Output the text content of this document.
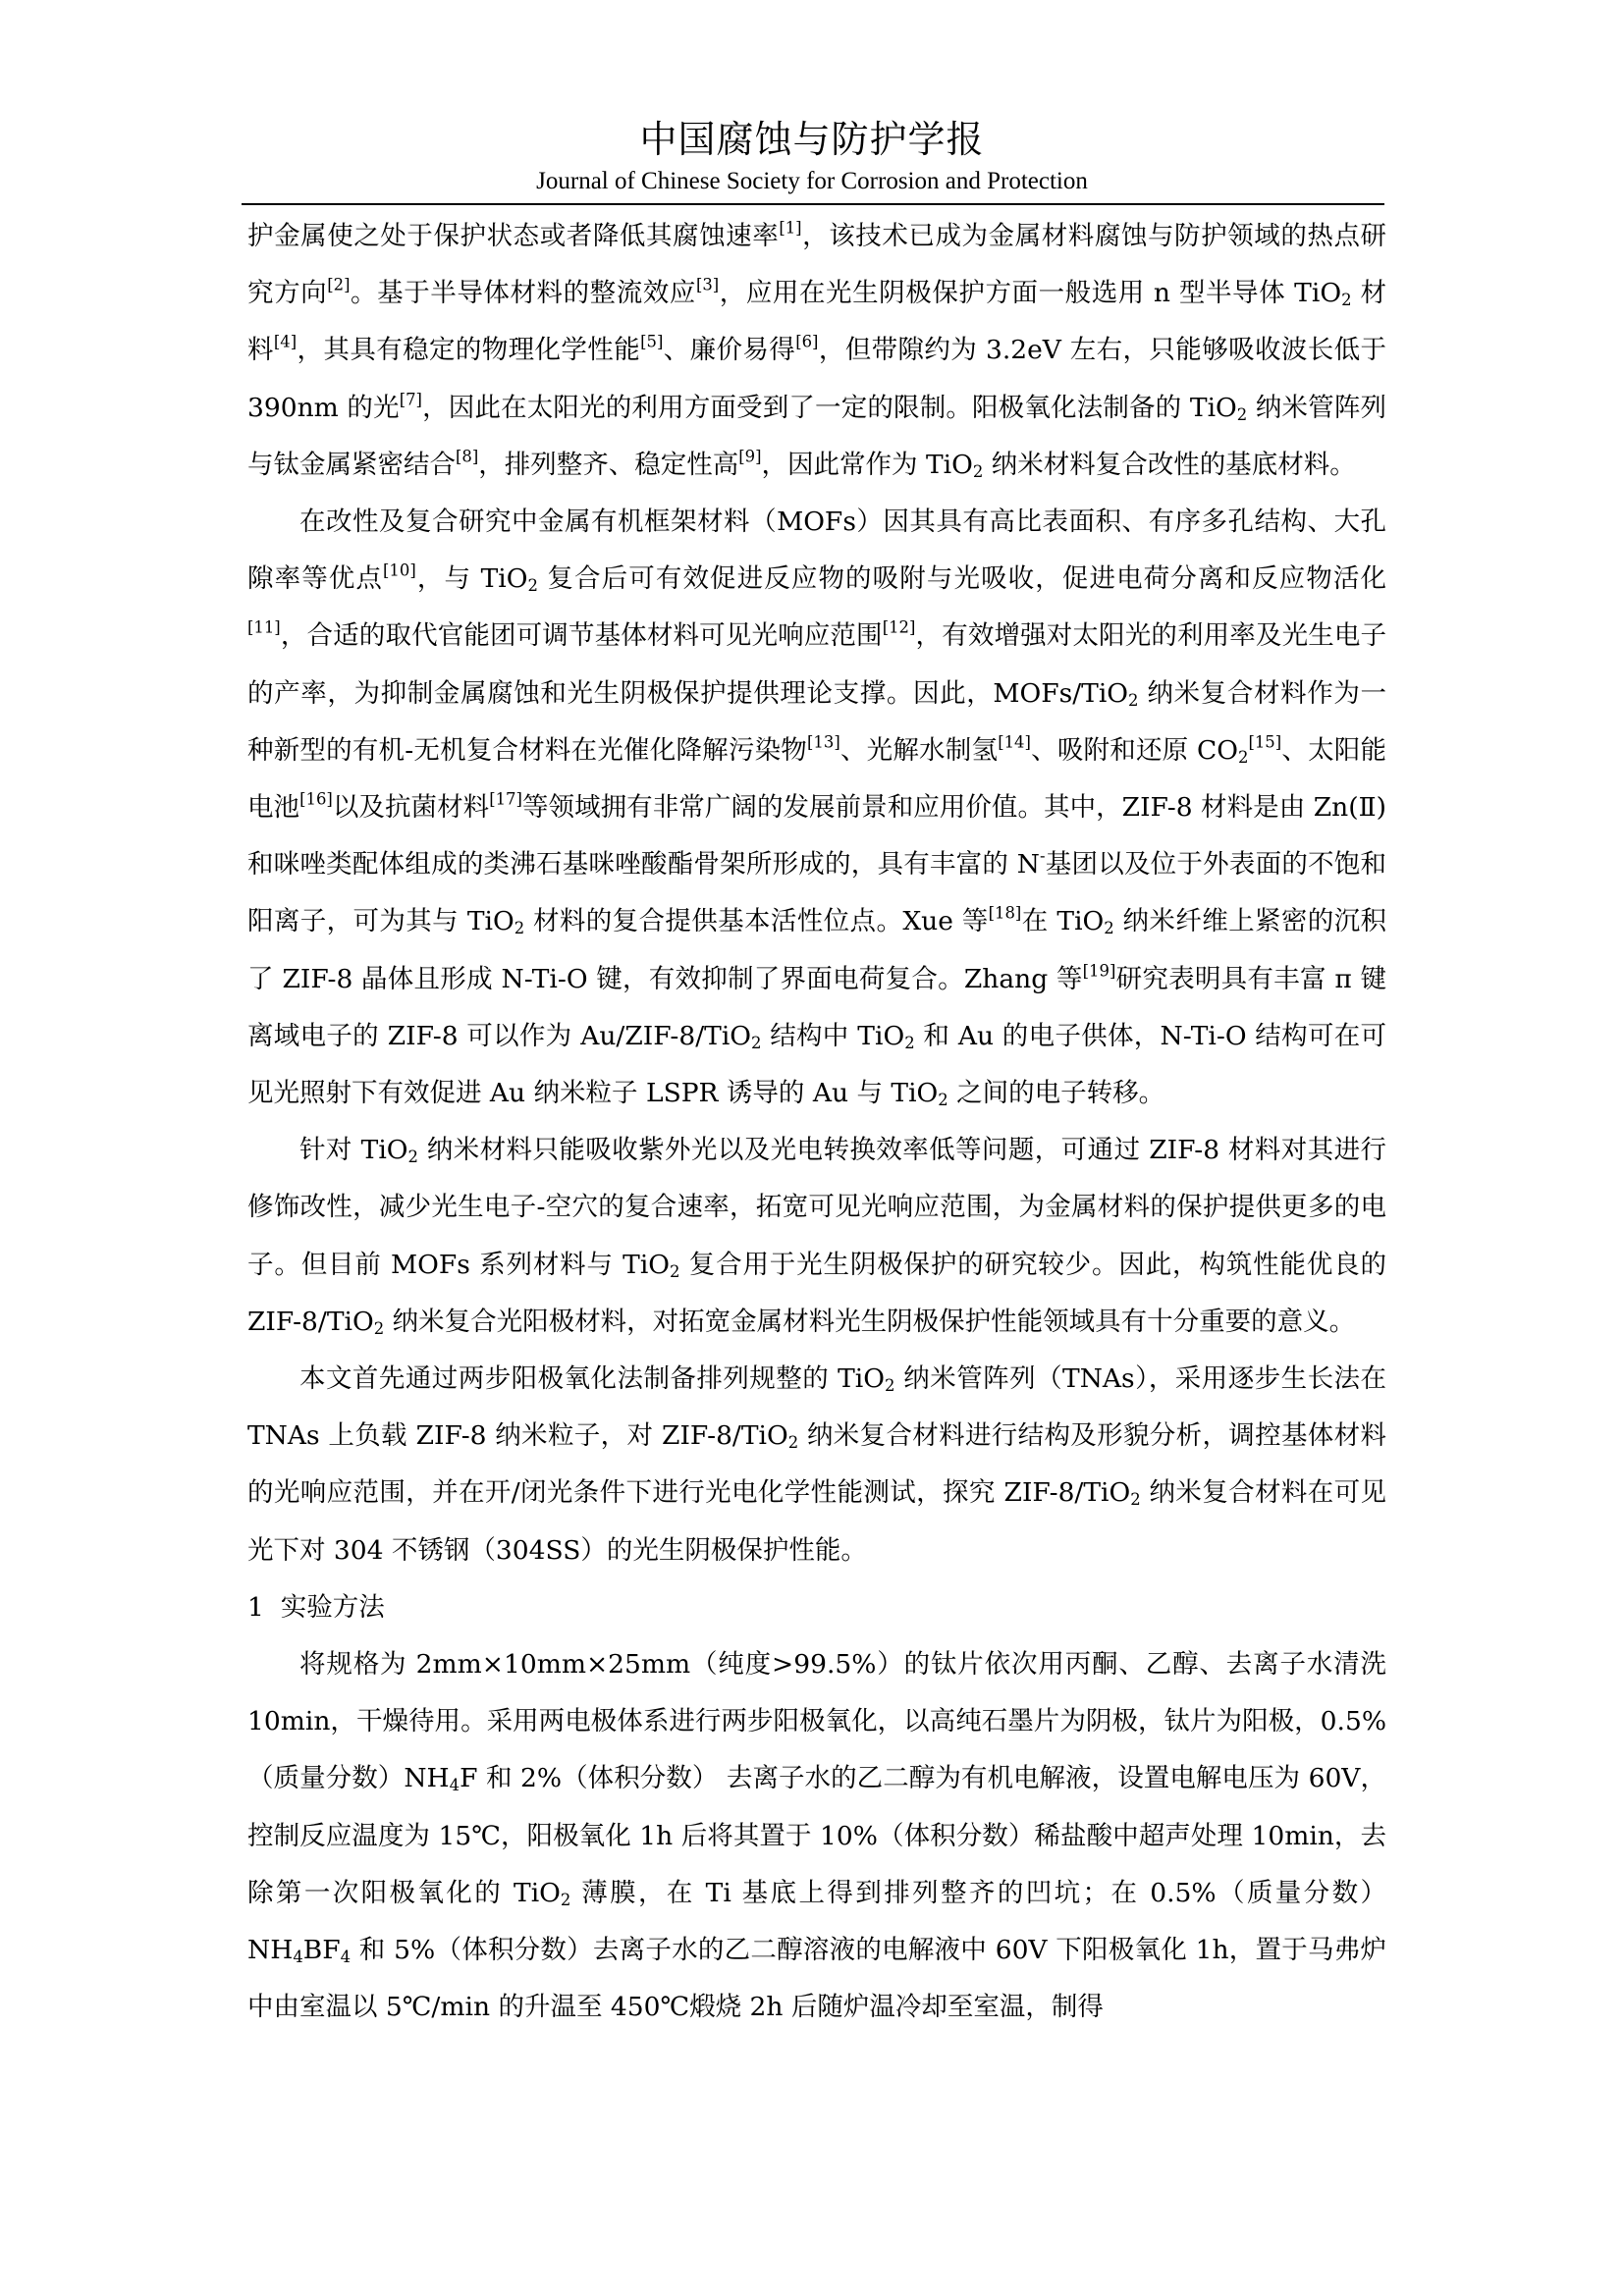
中国腐蚀与防护学报
Journal of Chinese Society for Corrosion and Protection

护金属使之处于保护状态或者降低其腐蚀速率[1]，该技术已成为金属材料腐蚀与防护领域的热点研究方向[2]。基于半导体材料的整流效应[3]，应用在光生阴极保护方面一般选用 n 型半导体 TiO$_2$ 材料[4]，其具有稳定的物理化学性能[5]、廉价易得[6]，但带隙约为 3.2eV 左右，只能够吸收波长低于 390nm 的光[7]，因此在太阳光的利用方面受到了一定的限制。阳极氧化法制备的 TiO$_2$ 纳米管阵列与钛金属紧密结合[8]，排列整齐、稳定性高[9]，因此常作为 TiO$_2$ 纳米材料复合改性的基底材料。

在改性及复合研究中金属有机框架材料（MOFs）因其具有高比表面积、有序多孔结构、大孔隙率等优点[10]，与 TiO$_2$ 复合后可有效促进反应物的吸附与光吸收，促进电荷分离和反应物活化[11]，合适的取代官能团可调节基体材料可见光响应范围[12]，有效增强对太阳光的利用率及光生电子的产率，为抑制金属腐蚀和光生阴极保护提供理论支撑。因此，MOFs/TiO$_2$ 纳米复合材料作为一种新型的有机-无机复合材料在光催化降解污染物[13]、光解水制氢[14]、吸附和还原 $CO_2[15]$、太阳能电池[16]以及抗菌材料[17]等领域拥有非常广阔的发展前景和应用价值。其中，ZIF-8 材料是由 Zn(Ⅱ)和咪唑类配体组成的类沸石基咪唑酸酯骨架所形成的，具有丰富的 N-基团以及位于外表面的不饱和阳离子，可为其与 TiO$_2$ 材料的复合提供基本活性位点。Xue 等[18]在 TiO$_2$ 纳米纤维上紧密的沉积了 ZIF-8 晶体且形成 N-Ti-O 键，有效抑制了界面电荷复合。Zhang 等[19]研究表明具有丰富 π 键离域电子的 ZIF-8 可以作为 Au/ZIF-8/TiO$_2$ 结构中 TiO$_2$ 和 Au 的电子供体，N-Ti-O 结构可在可见光照射下有效促进 Au 纳米粒子 LSPR 诱导的 Au 与 TiO$_2$ 之间的电子转移。

针对 TiO$_2$ 纳米材料只能吸收紫外光以及光电转换效率低等问题，可通过 ZIF-8 材料对其进行修饰改性，减少光生电子-空穴的复合速率，拓宽可见光响应范围，为金属材料的保护提供更多的电子。但目前 MOFs 系列材料与 TiO$_2$ 复合用于光生阴极保护的研究较少。因此，构筑性能优良的 ZIF-8/TiO$_2$ 纳米复合光阳极材料，对拓宽金属材料光生阴极保护性能领域具有十分重要的意义。

本文首先通过两步阳极氧化法制备排列规整的 TiO$_2$ 纳米管阵列（TNAs），采用逐步生长法在 TNAs 上负载 ZIF-8 纳米粒子，对 ZIF-8/TiO$_2$ 纳米复合材料进行结构及形貌分析，调控基体材料的光响应范围，并在开/闭光条件下进行光电化学性能测试，探究 ZIF-8/TiO$_2$ 纳米复合材料在可见光下对 304 不锈钢（304SS）的光生阴极保护性能。

1  实验方法

将规格为 2mm×10mm×25mm（纯度>99.5%）的钛片依次用丙酮、乙醇、去离子水清洗 10min，干燥待用。采用两电极体系进行两步阳极氧化，以高纯石墨片为阴极，钛片为阳极，0.5%（质量分数）$NH_4F$ 和 2%（体积分数） 去离子水的乙二醇为有机电解液，设置电解电压为 60V，控制反应温度为 15℃，阳极氧化 1h 后将其置于 10%（体积分数）稀盐酸中超声处理 10min，去除第一次阳极氧化的 TiO$_2$ 薄膜，在 Ti 基底上得到排列整齐的凹坑；在 0.5%（质量分数）$NH_4BF_4$ 和 5%（体积分数）去离子水的乙二醇溶液的电解液中 60V 下阳极氧化 1h，置于马弗炉中由室温以 5℃/min 的升温至 450℃煅烧 2h 后随炉温冷却至室温，制得
